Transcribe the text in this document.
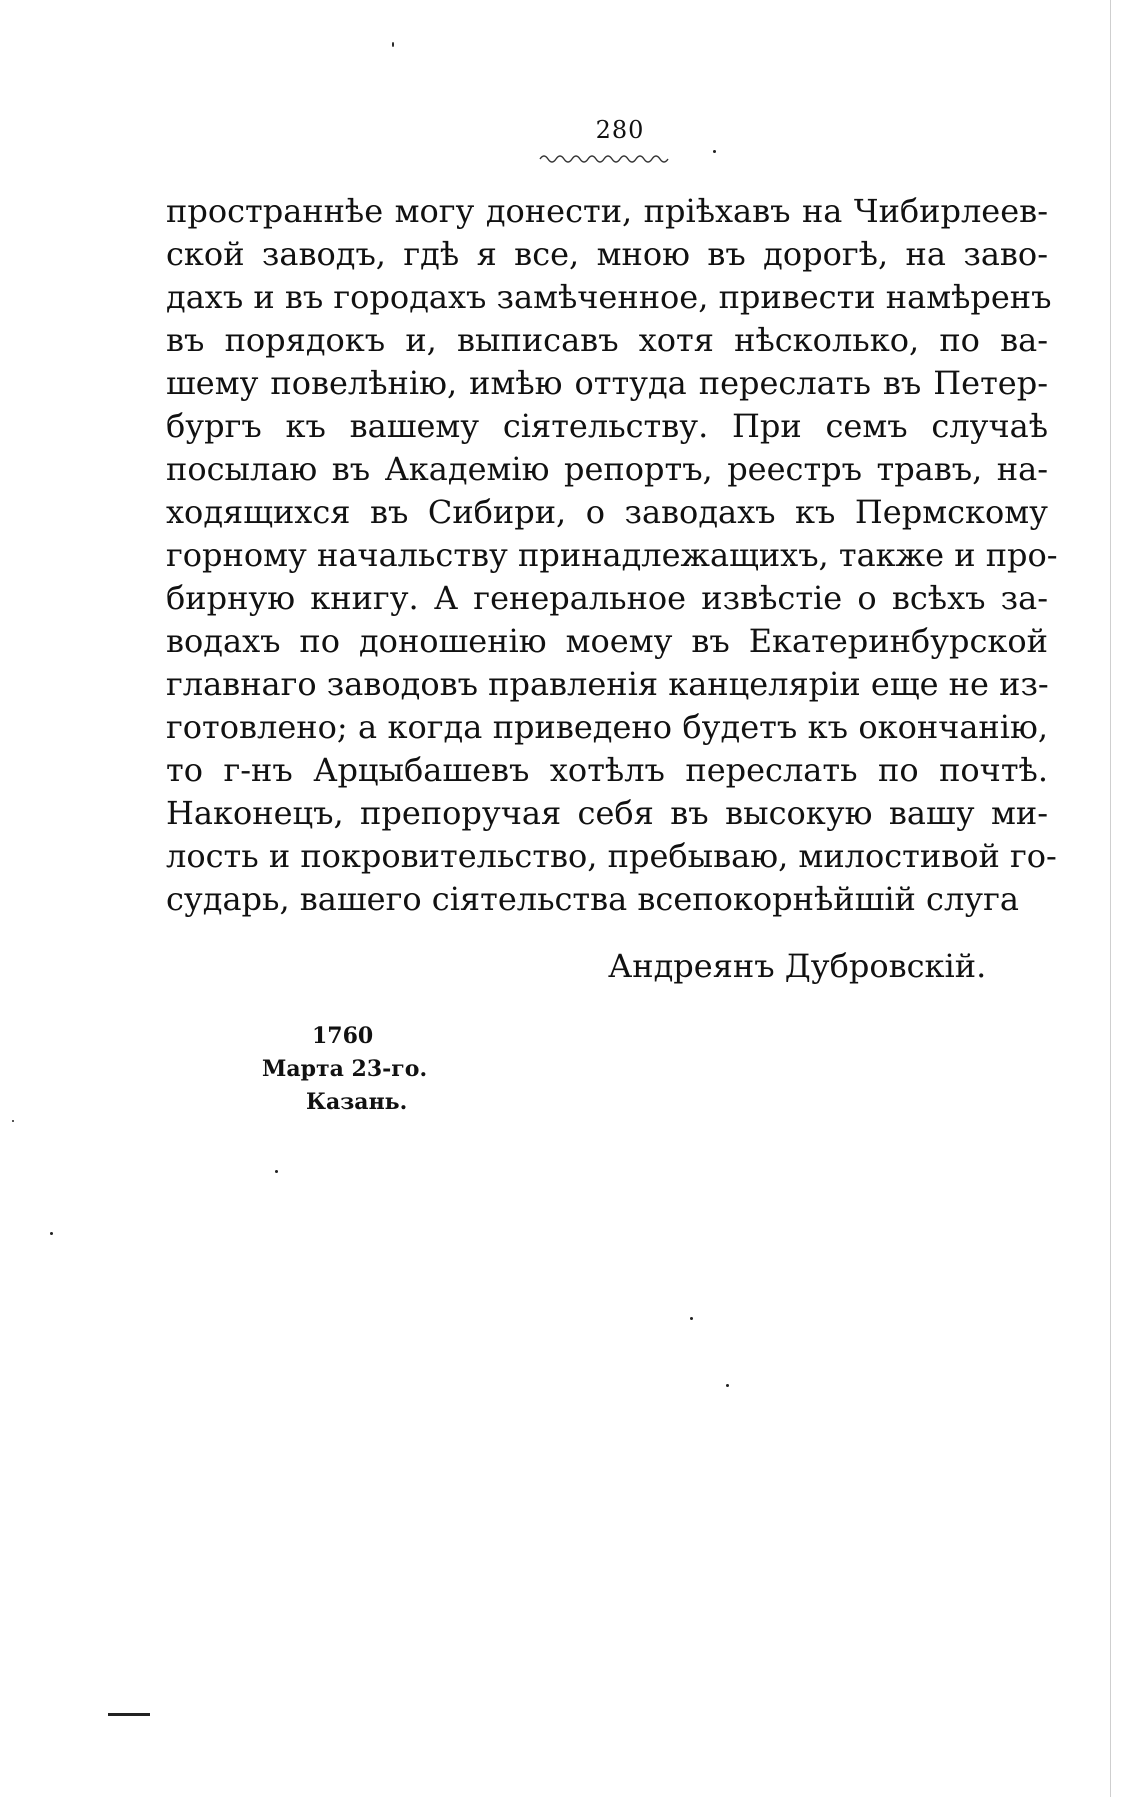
280
пространнѣе могу донести, пріѣхавъ на Чибирлеев-
ской заводъ, гдѣ я все, мною въ дорогѣ, на заво-
дахъ и въ городахъ замѣченное, привести намѣренъ
въ порядокъ и, выписавъ хотя нѣсколько, по ва-
шему повелѣнію, имѣю оттуда переслать въ Петер-
бургъ къ вашему сіятельству. При семъ случаѣ
посылаю въ Академію репортъ, реестръ травъ, на-
ходящихся въ Сибири, о заводахъ къ Пермскому
горному начальству принадлежащихъ, также и про-
бирную книгу. А генеральное извѣстіе о всѣхъ за-
водахъ по доношенію моему въ Екатеринбурской
главнаго заводовъ правленія канцеляріи еще не из-
готовлено; а когда приведено будетъ къ окончанію,
то г-нъ Арцыбашевъ хотѣлъ переслать по почтѣ.
Наконецъ, препоручая себя въ высокую вашу ми-
лость и покровительство, пребываю, милостивой го-
сударь, вашего сіятельства всепокорнѣйшій слуга
Андреянъ Дубровскій.
1760
Марта 23-го.
Казань.
